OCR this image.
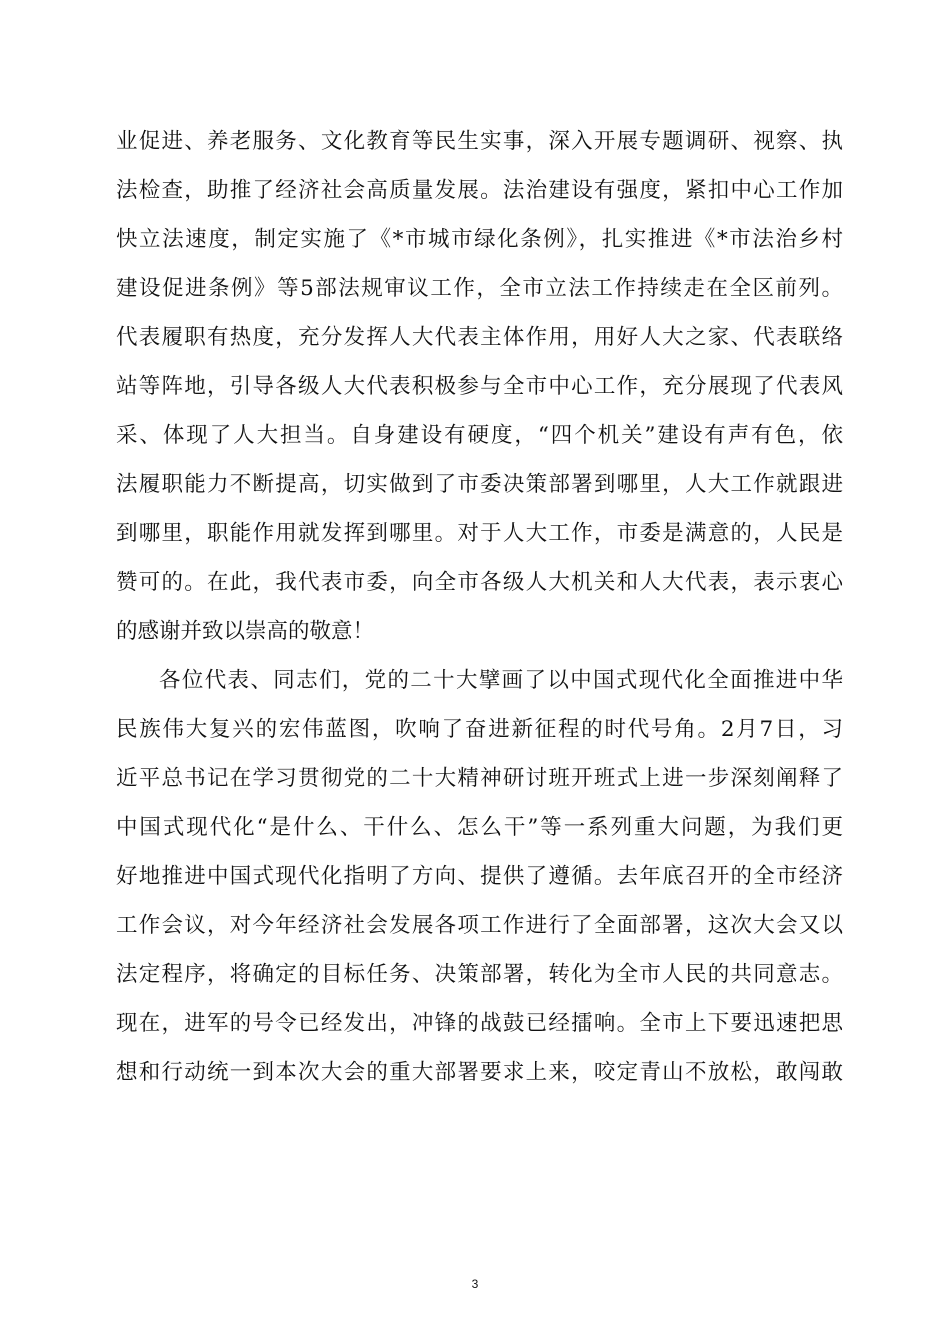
业促进、养老服务、文化教育等民生实事，深入开展专题调研、视察、执
法检查，助推了经济社会高质量发展。法治建设有强度，紧扣中心工作加
快立法速度，制定实施了《*市城市绿化条例》，扎实推进《*市法治乡村
建设促进条例》等5部法规审议工作，全市立法工作持续走在全区前列。
代表履职有热度，充分发挥人大代表主体作用，用好人大之家、代表联络
站等阵地，引导各级人大代表积极参与全市中心工作，充分展现了代表风
采、体现了人大担当。自身建设有硬度，“四个机关”建设有声有色，依
法履职能力不断提高，切实做到了市委决策部署到哪里，人大工作就跟进
到哪里，职能作用就发挥到哪里。对于人大工作，市委是满意的，人民是
赞可的。在此，我代表市委，向全市各级人大机关和人大代表，表示衷心
的感谢并致以崇高的敬意！
各位代表、同志们，党的二十大擘画了以中国式现代化全面推进中华
民族伟大复兴的宏伟蓝图，吹响了奋进新征程的时代号角。2月7日，习
近平总书记在学习贯彻党的二十大精神研讨班开班式上进一步深刻阐释了
中国式现代化“是什么、干什么、怎么干”等一系列重大问题，为我们更
好地推进中国式现代化指明了方向、提供了遵循。去年底召开的全市经济
工作会议，对今年经济社会发展各项工作进行了全面部署，这次大会又以
法定程序，将确定的目标任务、决策部署，转化为全市人民的共同意志。
现在，进军的号令已经发出，冲锋的战鼓已经擂响。全市上下要迅速把思
想和行动统一到本次大会的重大部署要求上来，咬定青山不放松，敢闯敢
3
